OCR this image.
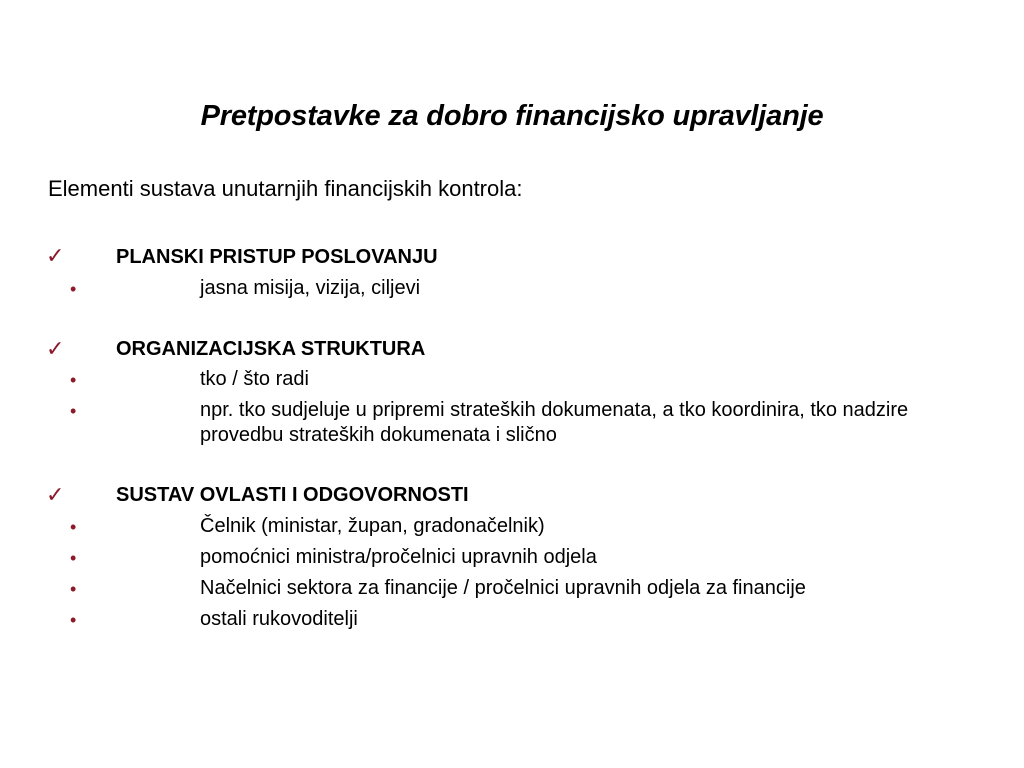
Pretpostavke za dobro financijsko upravljanje
Elementi sustava unutarnjih financijskih kontrola:
✓	PLANSKI PRISTUP POSLOVANJU
•	jasna misija, vizija, ciljevi
✓	ORGANIZACIJSKA STRUKTURA
•	tko / što radi
•	npr. tko sudjeluje u pripremi strateških dokumenata, a tko koordinira, tko nadzire provedbu strateških dokumenata i slično
✓	SUSTAV OVLASTI I ODGOVORNOSTI
•	Čelnik (ministar, župan, gradonačelnik)
•	pomoćnici ministra/pročelnici upravnih odjela
•	Načelnici sektora za financije / pročelnici upravnih odjela za financije
•	ostali rukovoditelji
